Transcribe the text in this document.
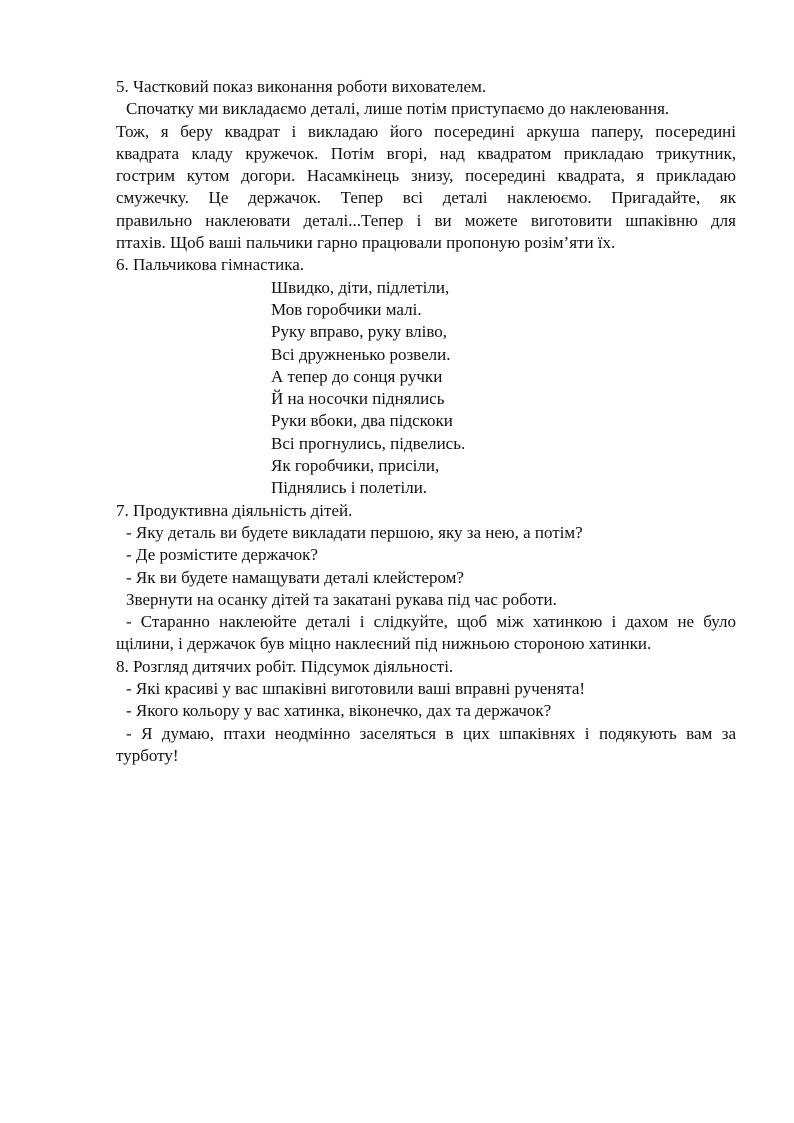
5. Частковий показ виконання роботи вихователем.
Спочатку ми викладаємо деталі, лише потім приступаємо до наклеювання.
Тож, я беру квадрат і викладаю його посередині аркуша паперу, посередині
квадрата кладу кружечок. Потім вгорі, над квадратом прикладаю трикутник,
гострим кутом догори. Насамкінець знизу, посередині квадрата, я прикладаю
смужечку. Це держачок. Тепер всі деталі наклеюємо. Пригадайте, як
правильно наклеювати деталі...Тепер і ви можете виготовити шпаківню для
птахів. Щоб ваші пальчики гарно працювали пропоную розім’яти їх.
6. Пальчикова гімнастика.
Швидко, діти, підлетіли,
Мов горобчики малі.
Руку вправо, руку вліво,
Всі дружненько розвели.
А тепер до сонця ручки
Й на носочки піднялись
Руки вбоки, два підскоки
Всі прогнулись, підвелись.
Як горобчики, присіли,
Піднялись і полетіли.
7. Продуктивна діяльність дітей.
- Яку деталь ви будете викладати першою, яку за нею, а потім?
- Де розмістите держачок?
- Як ви будете намащувати деталі клейстером?
Звернути на осанку дітей та закатані рукава під час роботи.
- Старанно наклеюйте деталі і слідкуйте, щоб між хатинкою і дахом не було
щілини, і держачок був міцно наклеєний під нижньою стороною хатинки.
8. Розгляд дитячих робіт. Підсумок діяльності.
- Які красиві у вас шпаківні виготовили ваші вправні рученята!
- Якого кольору у вас хатинка, віконечко, дах та держачок?
- Я думаю, птахи неодмінно заселяться в цих шпаківнях і подякують вам за
турботу!
